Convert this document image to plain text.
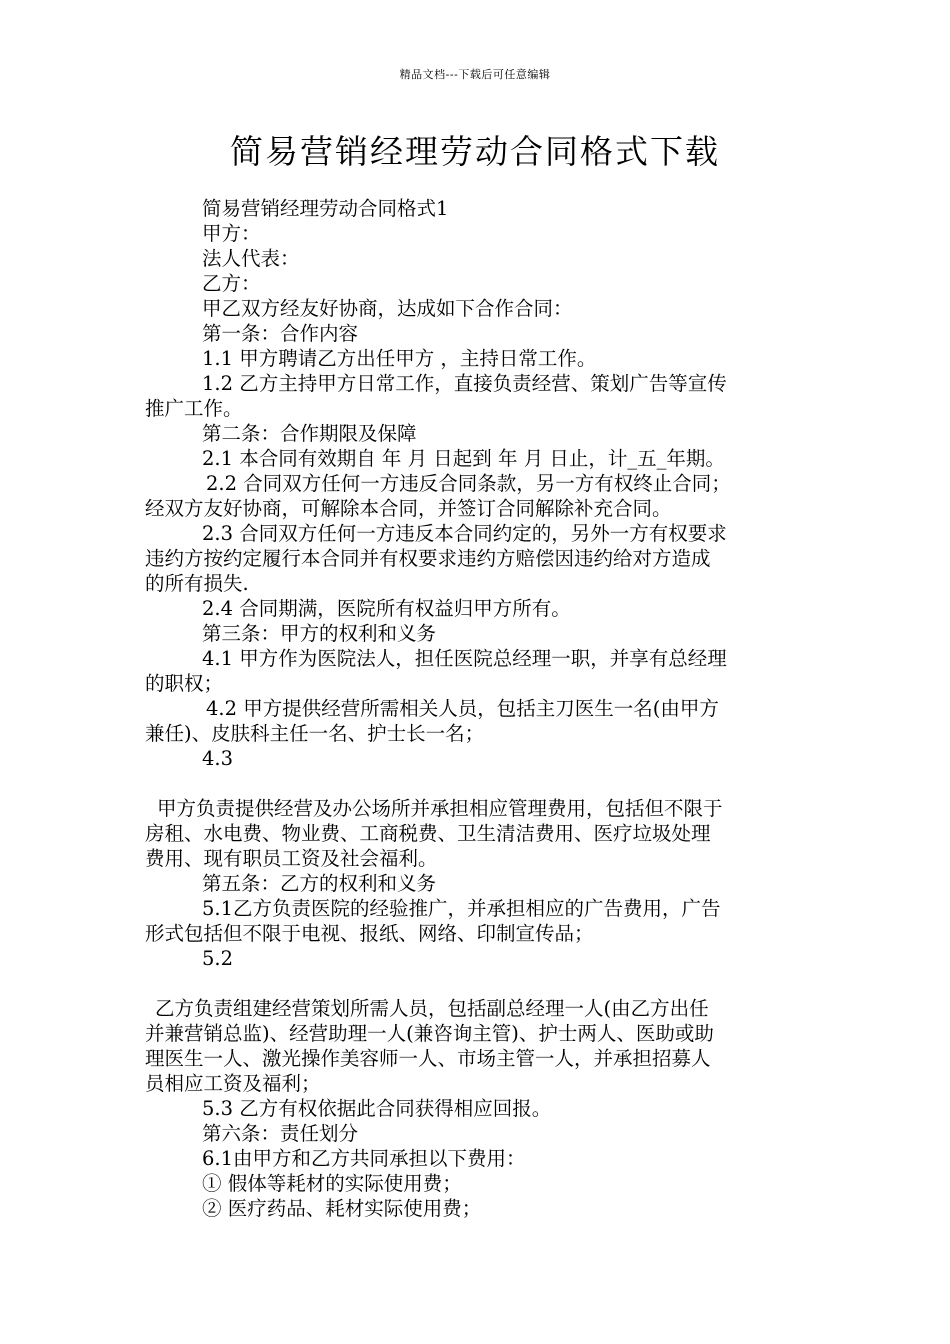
精品文档---下载后可任意编辑
简易营销经理劳动合同格式下载

简易营销经理劳动合同格式1

甲方：

法人代表：

乙方：

甲乙双方经友好协商，达成如下合作合同：

第一条：合作内容

1.1 甲方聘请乙方出任甲方 ，主持日常工作。

1.2 乙方主持甲方日常工作，直接负责经营、策划广告等宣传

推广工作。

第二条：合作期限及保障

2.1 本合同有效期自 年 月 日起到 年 月 日止，计_五_年期。

2.2 合同双方任何一方违反合同条款，另一方有权终止合同；

经双方友好协商，可解除本合同，并签订合同解除补充合同。

2.3 合同双方任何一方违反本合同约定的，另外一方有权要求

违约方按约定履行本合同并有权要求违约方赔偿因违约给对方造成

的所有损失.

2.4 合同期满，医院所有权益归甲方所有。

第三条：甲方的权利和义务

4.1 甲方作为医院法人，担任医院总经理一职，并享有总经理

的职权；

4.2 甲方提供经营所需相关人员，包括主刀医生一名(由甲方

兼任)、皮肤科主任一名、护士长一名；

4.3

甲方负责提供经营及办公场所并承担相应管理费用，包括但不限于

房租、水电费、物业费、工商税费、卫生清洁费用、医疗垃圾处理

费用、现有职员工资及社会福利。

第五条：乙方的权利和义务

5.1乙方负责医院的经验推广，并承担相应的广告费用，广告

形式包括但不限于电视、报纸、网络、印制宣传品；

5.2

乙方负责组建经营策划所需人员，包括副总经理一人(由乙方出任

并兼营销总监)、经营助理一人(兼咨询主管)、护士两人、医助或助

理医生一人、激光操作美容师一人、市场主管一人，并承担招募人

员相应工资及福利；

5.3 乙方有权依据此合同获得相应回报。

第六条：责任划分

6.1由甲方和乙方共同承担以下费用：

① 假体等耗材的实际使用费；

② 医疗药品、耗材实际使用费；
